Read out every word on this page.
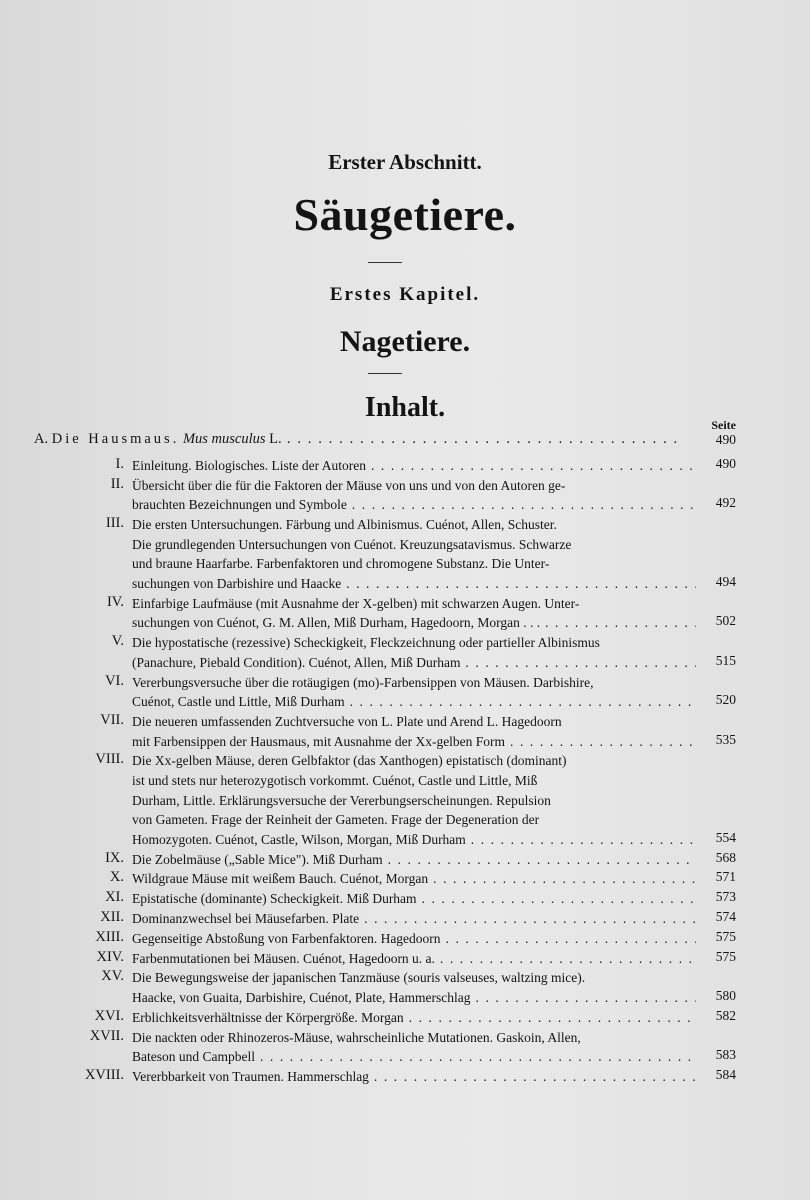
Erster Abschnitt.
Säugetiere.
Erstes Kapitel.
Nagetiere.
Inhalt.
Seite
A. Die Hausmaus. Mus musculus L. . . .	490
I. Einleitung. Biologisches. Liste der Autoren . . .	490
II. Übersicht über die für die Faktoren der Mäuse von uns und von den Autoren ge-
brauchten Bezeichnungen und Symbole . . .	492
III. Die ersten Untersuchungen. Färbung und Albinismus. Cuénot, Allen, Schuster.
Die grundlegenden Untersuchungen von Cuénot. Kreuzungsatavismus. Schwarze
und braune Haarfarbe. Farbenfaktoren und chromogene Substanz. Die Unter-
suchungen von Darbishire und Haacke . . .	494
IV. Einfarbige Laufmäuse (mit Ausnahme der X-gelben) mit schwarzen Augen. Unter-
suchungen von Cuénot, G. M. Allen, Miß Durham, Hagedoorn, Morgan . . . . . .	502
V. Die hypostatische (rezessive) Scheckigkeit, Fleckzeichnung oder partieller Albinismus
(Panachure, Piebald Condition). Cuénot, Allen, Miß Durham . . .	515
VI. Vererbungsversuche über die rotäugigen (mo)-Farbensippen von Mäusen. Darbishire,
Cuénot, Castle und Little, Miß Durham . . .	520
VII. Die neueren umfassenden Zuchtversuche von L. Plate und Arend L. Hagedoorn
mit Farbensippen der Hausmaus, mit Ausnahme der Xx-gelben Form . . .	535
VIII. Die Xx-gelben Mäuse, deren Gelbfaktor (das Xanthogen) epistatisch (dominant)
ist und stets nur heterozygotisch vorkommt. Cuénot, Castle und Little, Miß
Durham, Little. Erklärungsversuche der Vererbungserscheinungen. Repulsion
von Gameten. Frage der Reinheit der Gameten. Frage der Degeneration der
Homozygoten. Cuénot, Castle, Wilson, Morgan, Miß Durham . . .	554
IX. Die Zobelmäuse („Sable Mice"). Miß Durham . . .	568
X. Wildgraue Mäuse mit weißem Bauch. Cuénot, Morgan . . .	571
XI. Epistatische (dominante) Scheckigkeit. Miß Durham . . .	573
XII. Dominanzwechsel bei Mäusefarben. Plate . . .	574
XIII. Gegenseitige Abstoßung von Farbenfaktoren. Hagedoorn . . .	575
XIV. Farbenmutationen bei Mäusen. Cuénot, Hagedoorn u. a. . . .	575
XV. Die Bewegungsweise der japanischen Tanzmäuse (souris valseuses, waltzing mice).
Haacke, von Guaita, Darbishire, Cuénot, Plate, Hammerschlag . . .	580
XVI. Erblichkeitsverhältnisse der Körpergröße. Morgan . . .	582
XVII. Die nackten oder Rhinozeros-Mäuse, wahrscheinliche Mutationen. Gaskoin, Allen,
Bateson und Campbell . . .	583
XVIII. Vererbbarkeit von Traumen. Hammerschlag . . .	584
